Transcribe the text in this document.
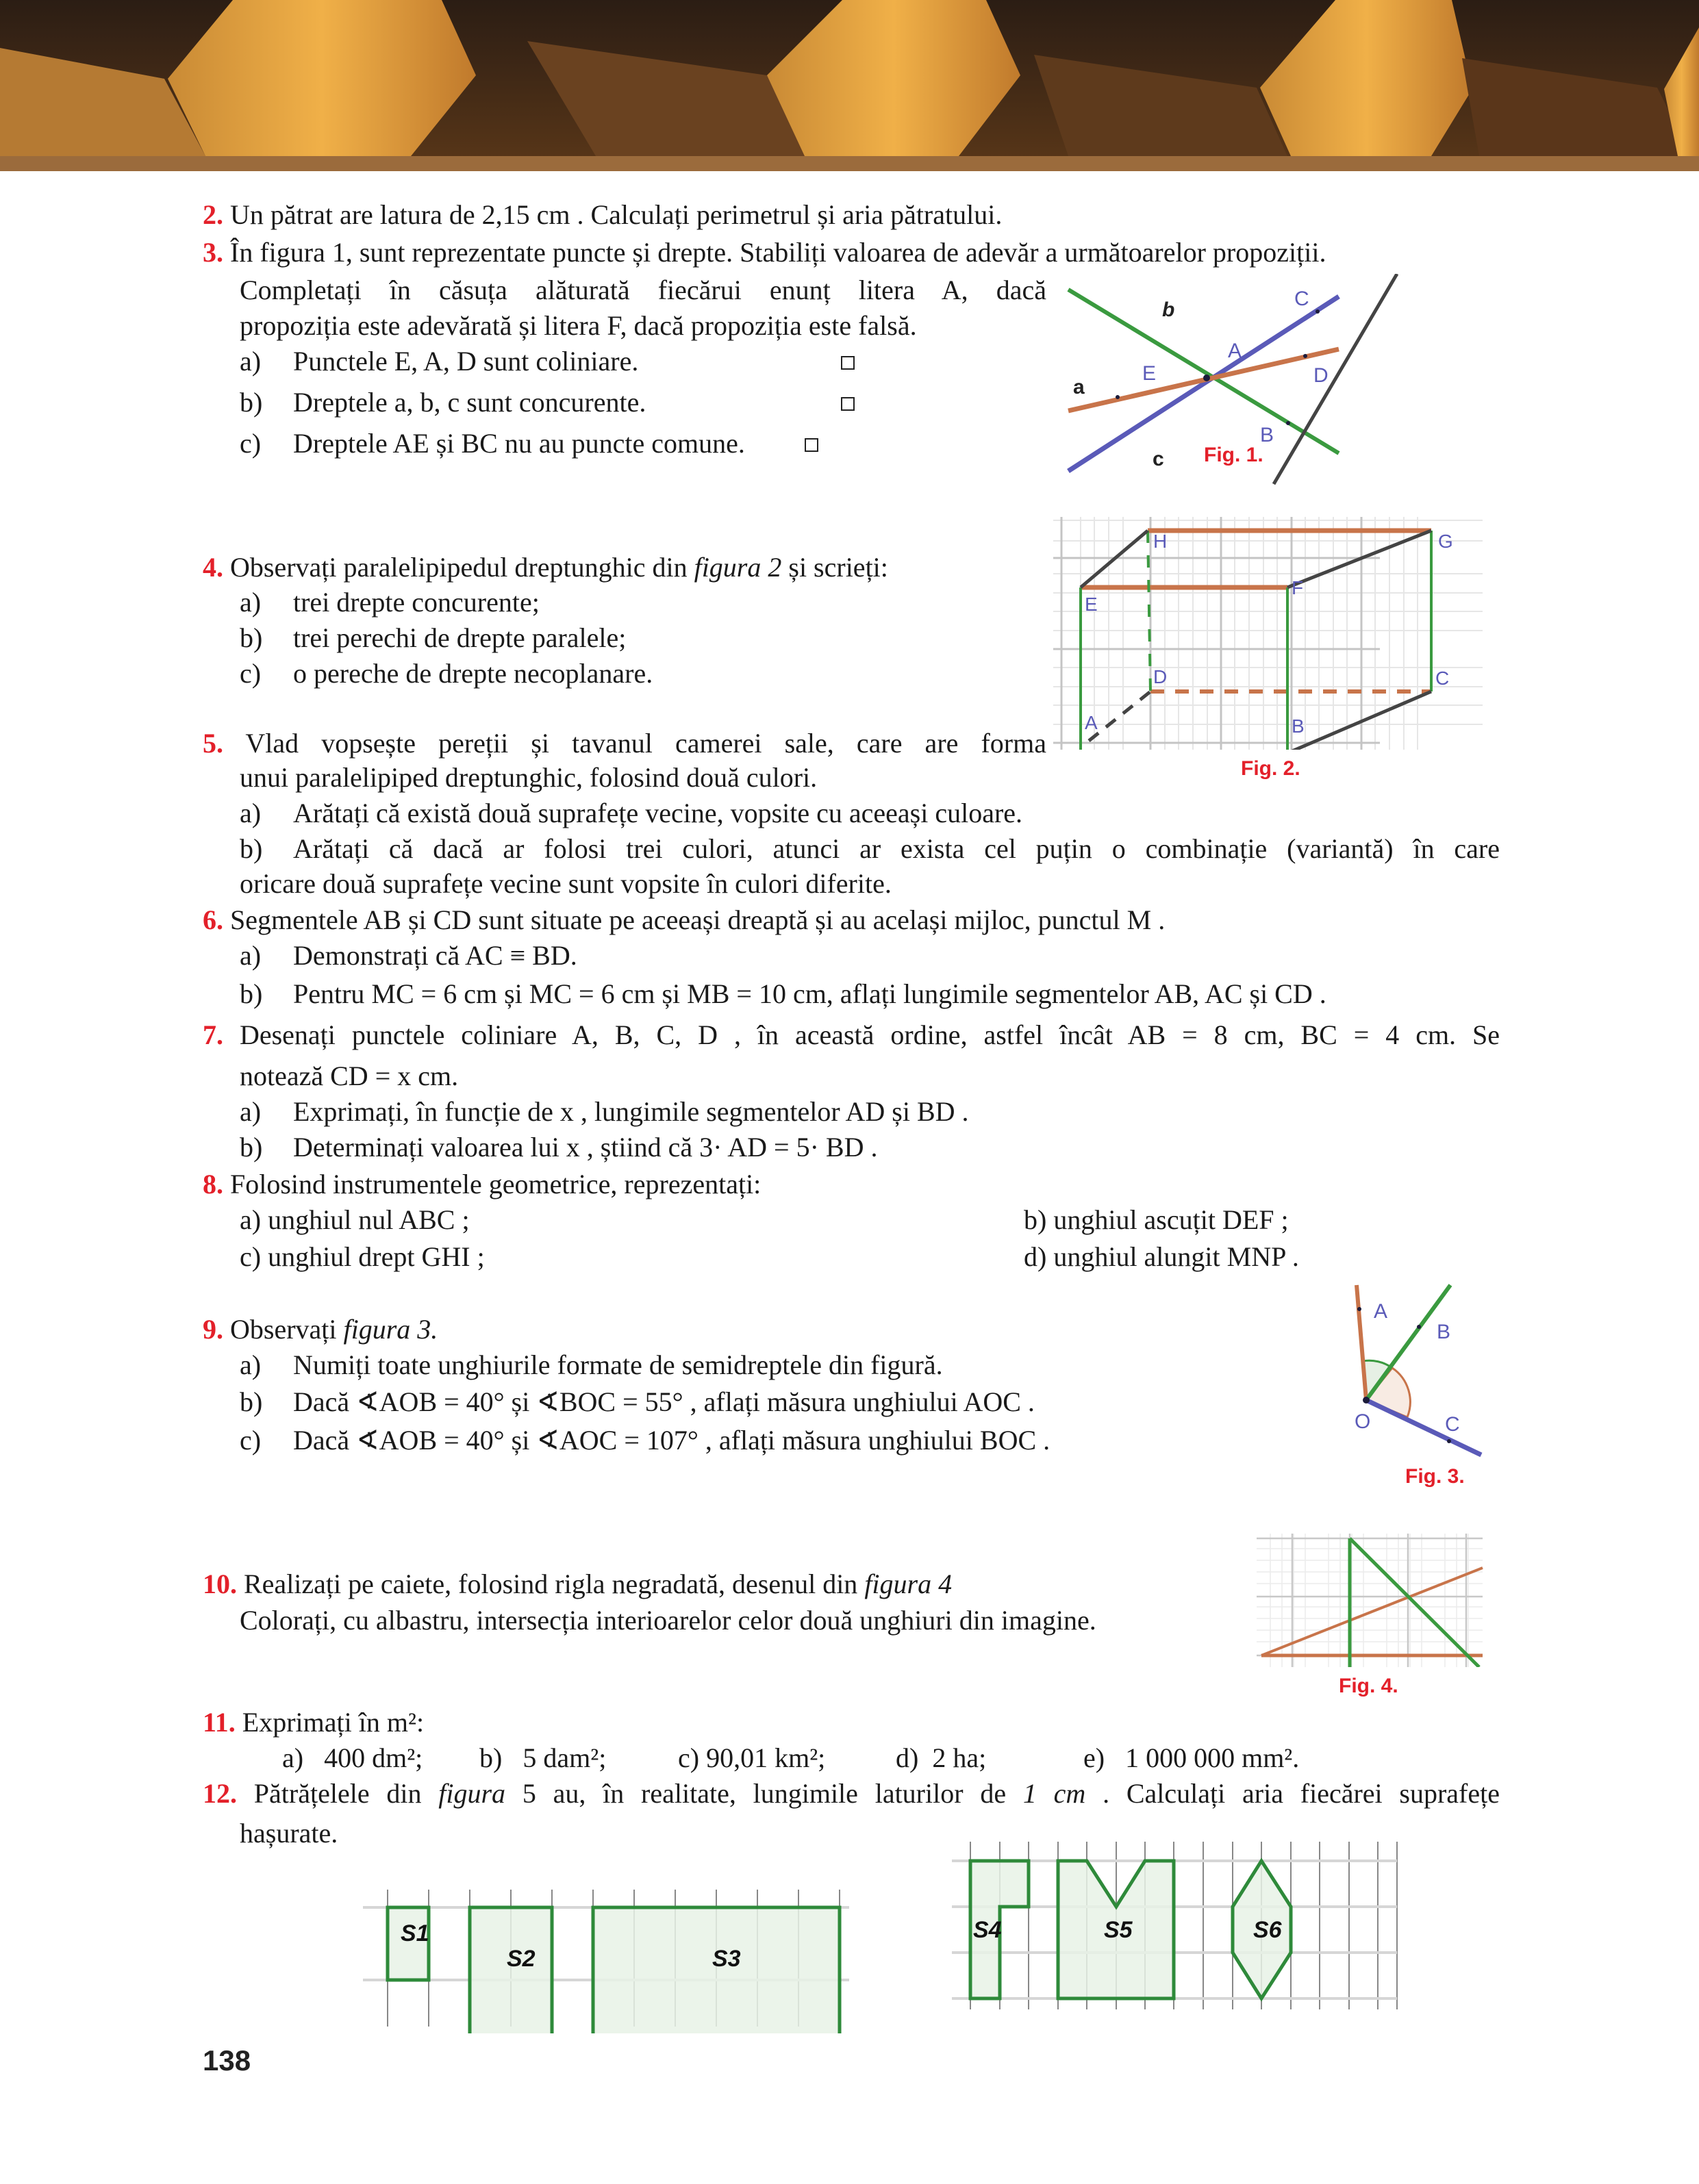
2. Un pătrat are latura de 2,15 cm . Calculați perimetrul și aria pătratului.
3. În figura 1, sunt reprezentate puncte și drepte. Stabiliți valoarea de adevăr a următoarelor propoziții.
Completați în căsuța alăturată fiecărui enunț litera A, dacă
propoziția este adevărată și litera F, dacă propoziția este falsă.
a) Punctele E, A, D sunt coliniare.
b) Dreptele a, b, c sunt concurente.
c) Dreptele AE și BC nu au puncte comune.
A
B
C
D
E
a
b
c Fig. 1.
4. Observați paralelipipedul dreptunghic din figura 2 și scrieți:
a) trei drepte concurente;
b) trei perechi de drepte paralele;
c) o pereche de drepte necoplanare.
A	B
C
D
E
F
G
H
Fig. 2.
5. Vlad vopsește pereții și tavanul camerei sale, care are forma
unui paralelipiped dreptunghic, folosind două culori.
a) Arătați că există două suprafețe vecine, vopsite cu aceeași culoare.
b) Arătați că dacă ar folosi trei culori, atunci ar exista cel puțin o combinație (variantă) în care
oricare două suprafețe vecine sunt vopsite în culori diferite.
6. Segmentele AB și CD sunt situate pe aceeași dreaptă și au același mijloc, punctul M .
a) Demonstrați că AC ≡ BD.
b) Pentru MC = 6 cm și MC = 6 cm și MB = 10 cm, aflați lungimile segmentelor AB, AC și CD .
7. Desenați punctele coliniare A, B, C, D , în această ordine, astfel încât AB = 8 cm, BC = 4 cm. Se
notează CD = x cm.
a) Exprimați, în funcție de x , lungimile segmentelor AD și BD .
b) Determinați valoarea lui x , știind că 3· AD = 5· BD .
8. Folosind instrumentele geometrice, reprezentați:
a) unghiul nul ABC ;	b) unghiul ascuțit DEF ;
c) unghiul drept GHI ;	d) unghiul alungit MNP .
9. Observați figura 3.
a) Numiți toate unghiurile formate de semidreptele din figură.
b) Dacă ∢AOB = 40° și ∢BOC = 55° , aflați măsura unghiului AOC .
c) Dacă ∢AOB = 40° și ∢AOC = 107° , aflați măsura unghiului BOC .
O
A
B
C
Fig. 3.
10. Realizați pe caiete, folosind rigla negradată, desenul din figura 4
Colorați, cu albastru, intersecția interioarelor celor două unghiuri din imagine.
Fig. 4.
11. Exprimați în m²:
a) 400 dm²; b) 5 dam²;	c) 90,01 km²;	d) 2 ha;	e) 1 000 000 mm².
12. Pătrățelele din figura 5 au, în realitate, lungimile laturilor de 1 cm . Calculați aria fiecărei suprafețe
hașurate.
S1
S2	S3
S4	S5	S6
138
